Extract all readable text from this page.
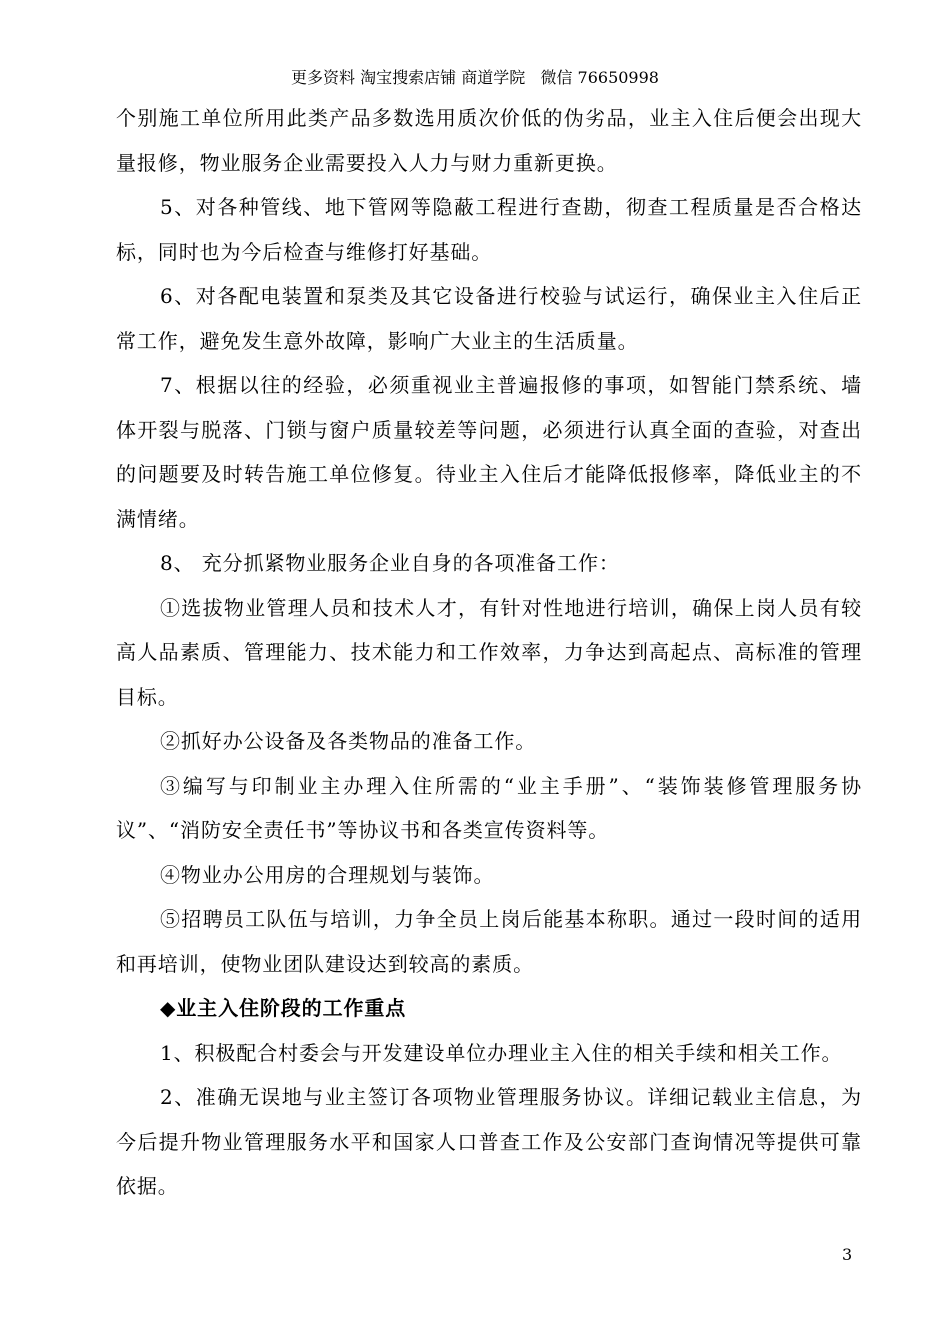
更多资料 淘宝搜索店铺 商道学院   微信 76650998

个别施工单位所用此类产品多数选用质次价低的伪劣品，业主入住后便会出现大量报修，物业服务企业需要投入人力与财力重新更换。

5、对各种管线、地下管网等隐蔽工程进行查勘，彻查工程质量是否合格达标，同时也为今后检查与维修打好基础。

6、对各配电装置和泵类及其它设备进行校验与试运行，确保业主入住后正常工作，避免发生意外故障，影响广大业主的生活质量。

7、根据以往的经验，必须重视业主普遍报修的事项，如智能门禁系统、墙体开裂与脱落、门锁与窗户质量较差等问题，必须进行认真全面的查验，对查出的问题要及时转告施工单位修复。待业主入住后才能降低报修率，降低业主的不满情绪。

8、 充分抓紧物业服务企业自身的各项准备工作：

①选拔物业管理人员和技术人才，有针对性地进行培训，确保上岗人员有较高人品素质、管理能力、技术能力和工作效率，力争达到高起点、高标准的管理目标。

②抓好办公设备及各类物品的准备工作。

③编写与印制业主办理入住所需的“业主手册”、“装饰装修管理服务协议”、“消防安全责任书”等协议书和各类宣传资料等。

④物业办公用房的合理规划与装饰。

⑤招聘员工队伍与培训，力争全员上岗后能基本称职。通过一段时间的适用和再培训，使物业团队建设达到较高的素质。

◆业主入住阶段的工作重点

1、积极配合村委会与开发建设单位办理业主入住的相关手续和相关工作。

2、准确无误地与业主签订各项物业管理服务协议。详细记载业主信息，为今后提升物业管理服务水平和国家人口普查工作及公安部门查询情况等提供可靠依据。

3
